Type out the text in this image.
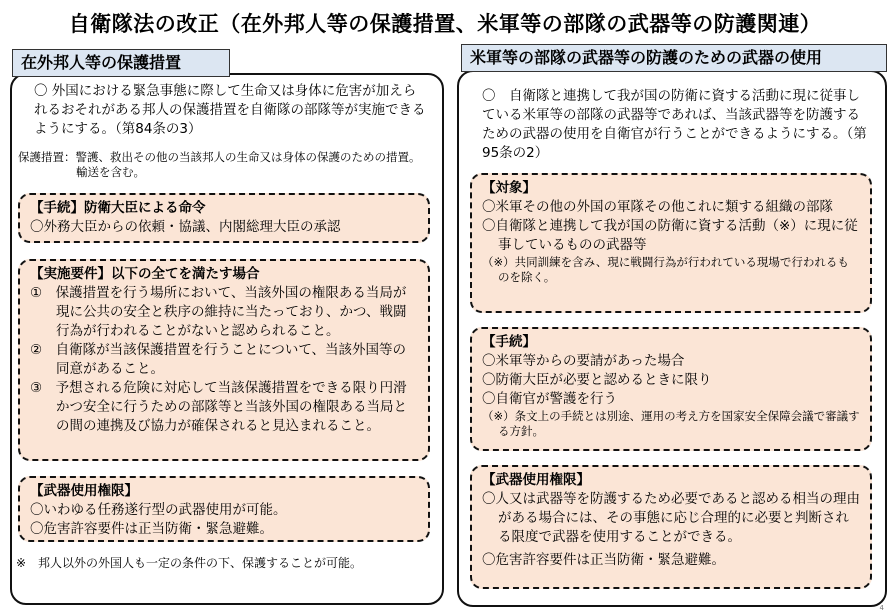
自衛隊法の改正（在外邦人等の保護措置、米軍等の部隊の武器等の防護関連）
在外邦人等の保護措置
〇 外国における緊急事態に際して生命又は身体に危害が加えられるおそれがある邦人の保護措置を自衛隊の部隊等が実施できるようにする。（第84条の3）
保護措置：警護、救出その他の当該邦人の生命又は身体の保護のための措置。輸送を含む。
【手続】防衛大臣による命令
〇外務大臣からの依頼・協議、内閣総理大臣の承認
【実施要件】以下の全てを満たす場合
①　保護措置を行う場所において、当該外国の権限ある当局が現に公共の安全と秩序の維持に当たっており、かつ、戦闘行為が行われることがないと認められること。
②　自衛隊が当該保護措置を行うことについて、当該外国等の同意があること。
③　予想される危険に対応して当該保護措置をできる限り円滑かつ安全に行うための部隊等と当該外国の権限ある当局との間の連携及び協力が確保されると見込まれること。
【武器使用権限】
〇いわゆる任務遂行型の武器使用が可能。
〇危害許容要件は正当防衛・緊急避難。
※　邦人以外の外国人も一定の条件の下、保護することが可能。
米軍等の部隊の武器等の防護のための武器の使用
〇　自衛隊と連携して我が国の防衛に資する活動に現に従事している米軍等の部隊の武器等であれば、当該武器等を防護するための武器の使用を自衛官が行うことができるようにする。（第95条の2）
【対象】
〇米軍その他の外国の軍隊その他これに類する組織の部隊
〇自衛隊と連携して我が国の防衛に資する活動（※）に現に従事しているものの武器等
（※）共同訓練を含み、現に戦闘行為が行われている現場で行われるものを除く。
【手続】
〇米軍等からの要請があった場合
〇防衛大臣が必要と認めるときに限り
〇自衛官が警護を行う
（※）条文上の手続とは別途、運用の考え方を国家安全保障会議で審議する方針。
【武器使用権限】
〇人又は武器等を防護するため必要であると認める相当の理由がある場合には、その事態に応じ合理的に必要と判断される限度で武器を使用することができる。
〇危害許容要件は正当防衛・緊急避難。
4
